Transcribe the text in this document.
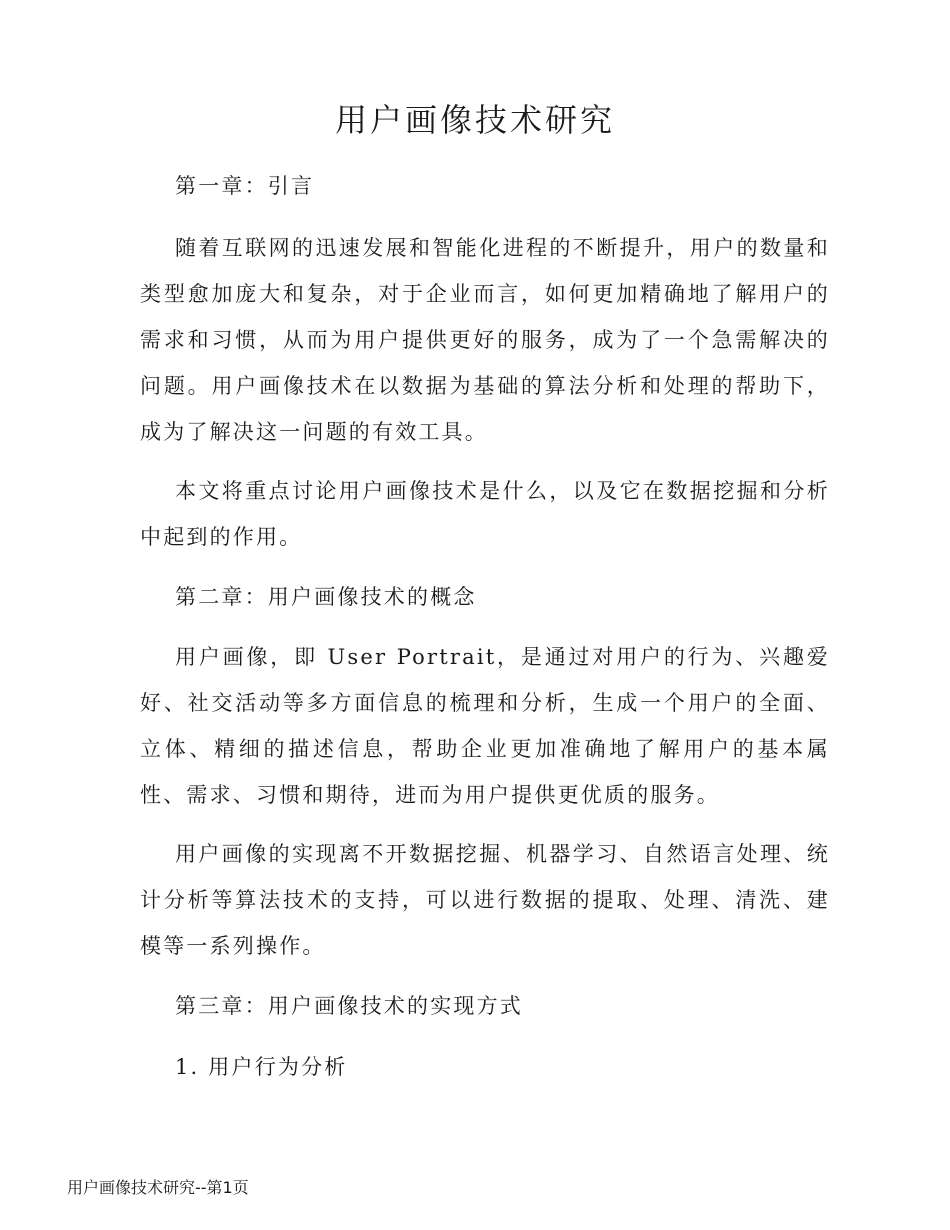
用户画像技术研究
第一章：引言

随着互联网的迅速发展和智能化进程的不断提升，用户的数量和类型愈加庞大和复杂，对于企业而言，如何更加精确地了解用户的需求和习惯，从而为用户提供更好的服务，成为了一个急需解决的问题。用户画像技术在以数据为基础的算法分析和处理的帮助下，成为了解决这一问题的有效工具。

本文将重点讨论用户画像技术是什么，以及它在数据挖掘和分析中起到的作用。

第二章：用户画像技术的概念

用户画像，即 User Portrait，是通过对用户的行为、兴趣爱好、社交活动等多方面信息的梳理和分析，生成一个用户的全面、立体、精细的描述信息，帮助企业更加准确地了解用户的基本属性、需求、习惯和期待，进而为用户提供更优质的服务。

用户画像的实现离不开数据挖掘、机器学习、自然语言处理、统计分析等算法技术的支持，可以进行数据的提取、处理、清洗、建模等一系列操作。

第三章：用户画像技术的实现方式
1. 用户行为分析

用户画像技术研究--第1页
